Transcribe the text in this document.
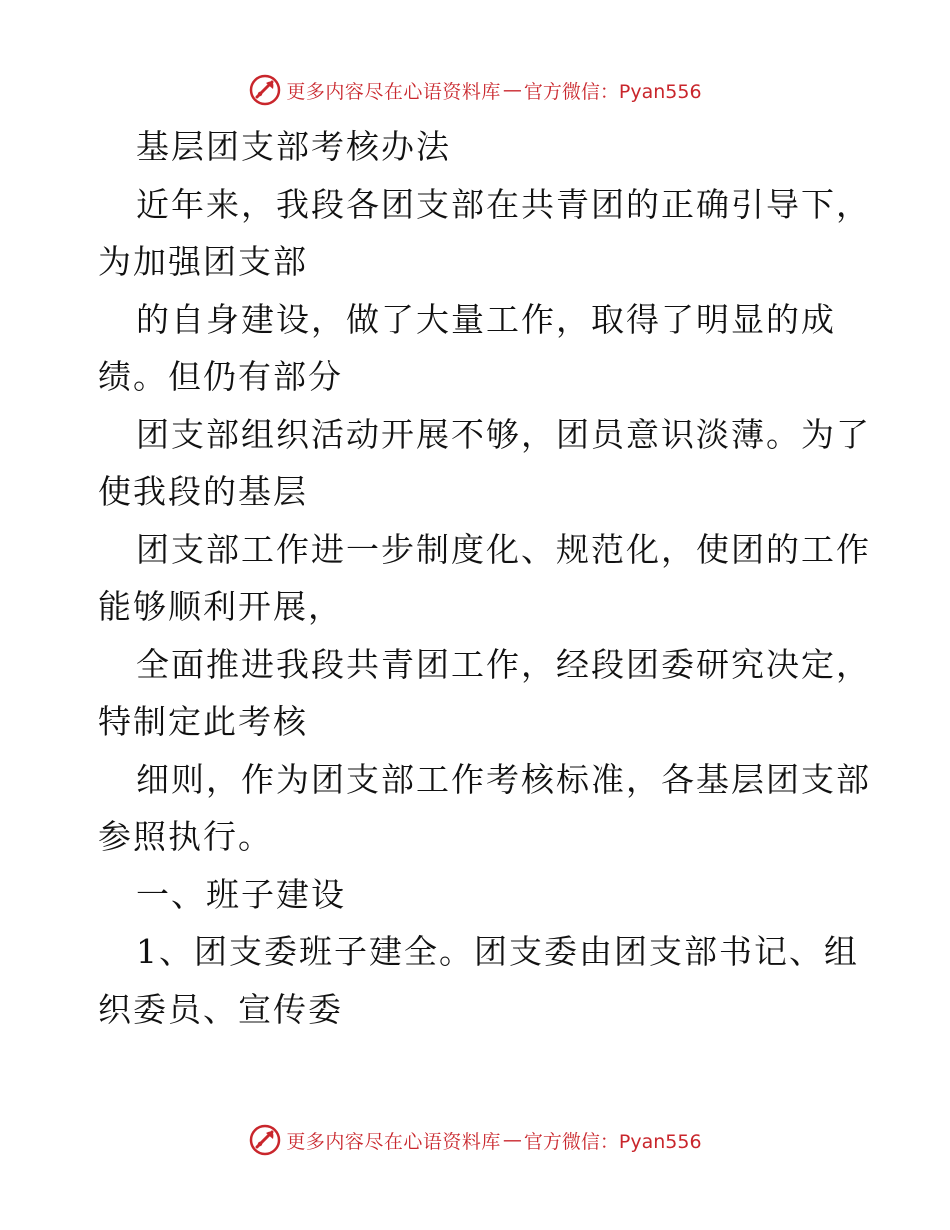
更多内容尽在心语资料库 — 官方微信：Pyan556
基层团支部考核办法
近年来，我段各团支部在共青团的正确引导下，
为加强团支部
的自身建设，做了大量工作，取得了明显的成
绩。但仍有部分
团支部组织活动开展不够，团员意识淡薄。为了
使我段的基层
团支部工作进一步制度化、规范化，使团的工作
能够顺利开展，
全面推进我段共青团工作，经段团委研究决定，
特制定此考核
细则，作为团支部工作考核标准，各基层团支部
参照执行。
一、班子建设
1、团支委班子建全。团支委由团支部书记、组
织委员、宣传委
更多内容尽在心语资料库 — 官方微信：Pyan556
